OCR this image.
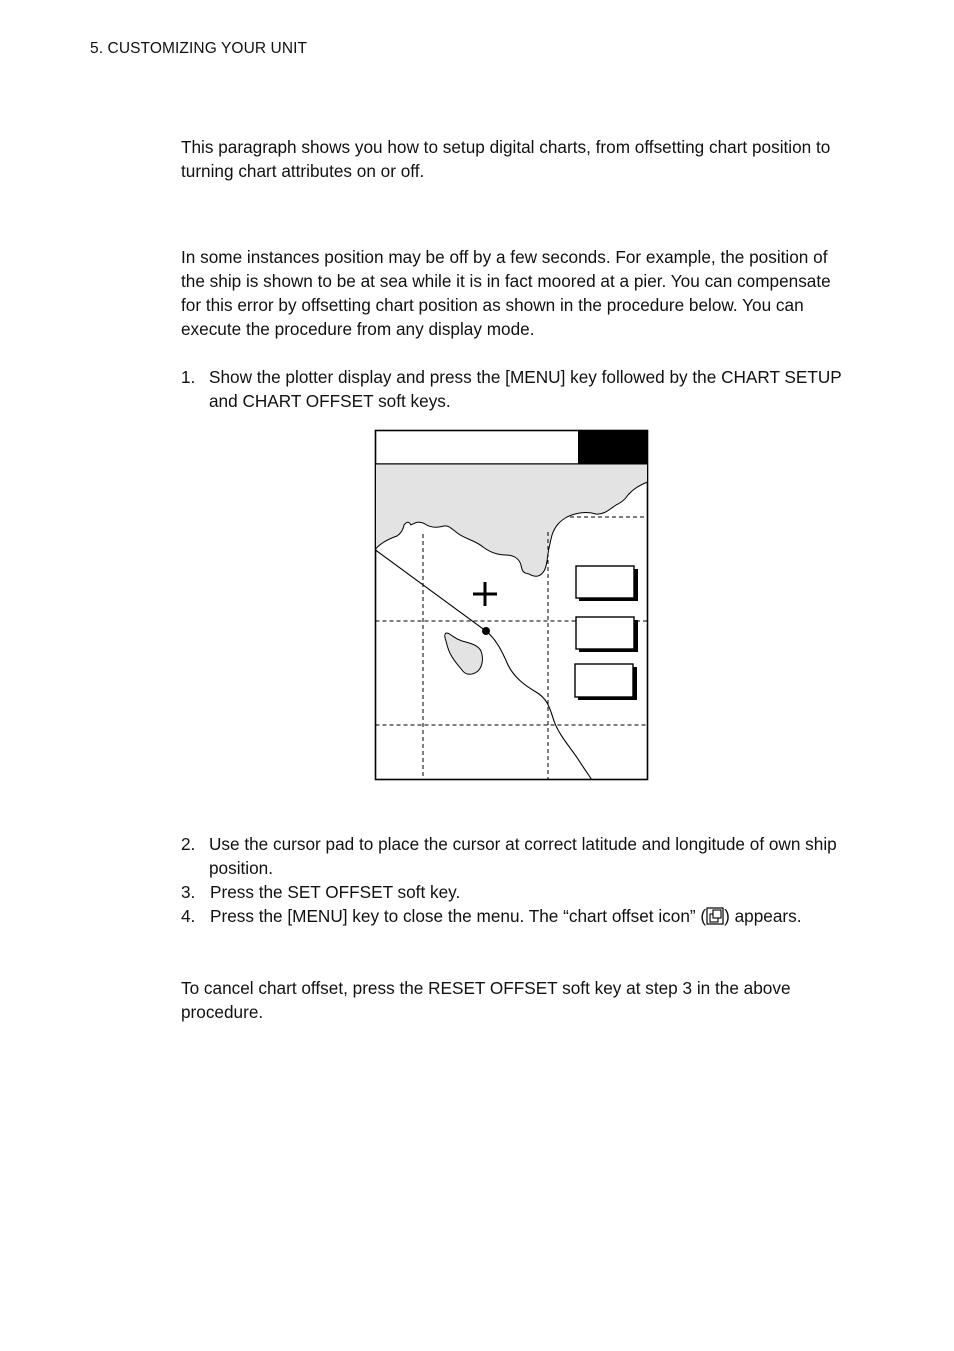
5. CUSTOMIZING YOUR UNIT

This paragraph shows you how to setup digital charts, from offsetting chart position to turning chart attributes on or off.

In some instances position may be off by a few seconds. For example, the position of the ship is shown to be at sea while it is in fact moored at a pier. You can compensate for this error by offsetting chart position as shown in the procedure below. You can execute the procedure from any display mode.

1. Show the plotter display and press the [MENU] key followed by the CHART SETUP and CHART OFFSET soft keys.
2. Use the cursor pad to place the cursor at correct latitude and longitude of own ship position.
3. Press the SET OFFSET soft key.
4. Press the [MENU] key to close the menu. The “chart offset icon” ( ) appears.

To cancel chart offset, press the RESET OFFSET soft key at step 3 in the above procedure.
